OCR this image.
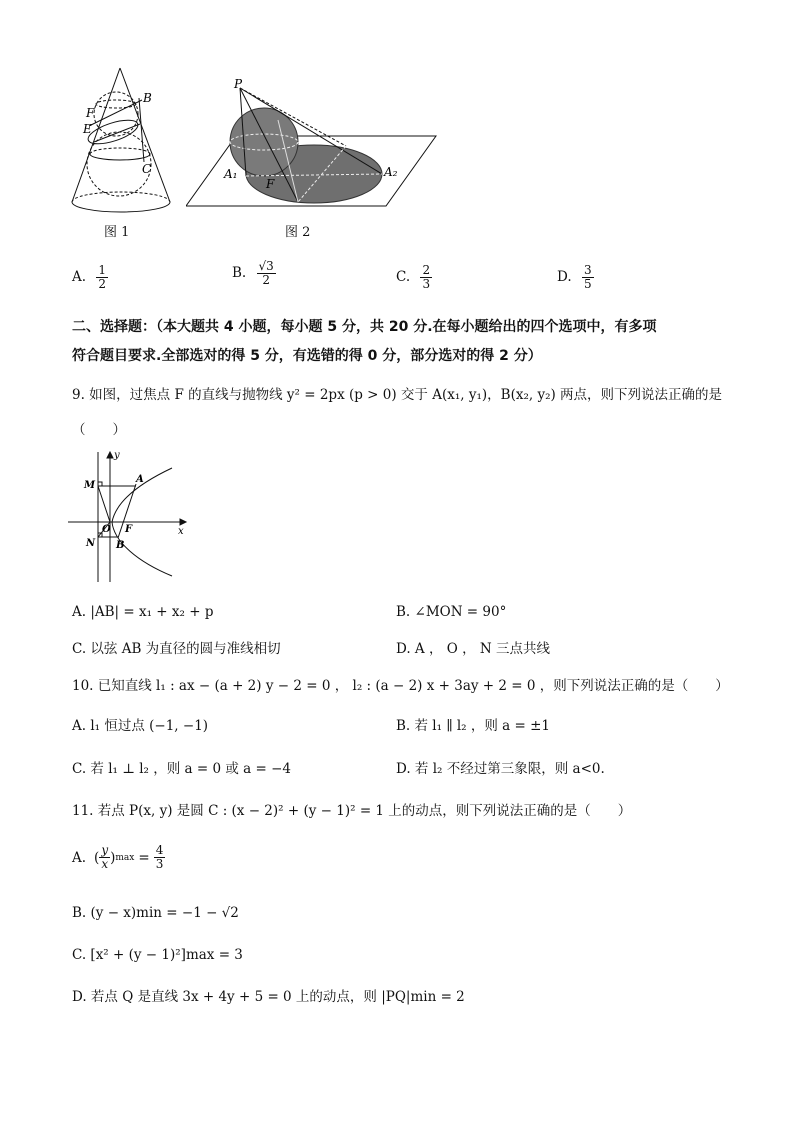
F
B
E
C
图 1
P
A₁
F
A₂
图 2
A. $\frac{1}{2}$	B. $\frac{√3}{2}$	C. $\frac{2}{3}$	D. $\frac{3}{5}$
二、选择题：（本大题共 4 小题，每小题 5 分，共 20 分.在每小题给出的四个选项中，有多项
符合题目要求.全部选对的得 5 分，有选错的得 0 分，部分选对的得 2 分）
9. 如图，过焦点 F 的直线与抛物线 y² = 2px (p > 0) 交于 A(x₁, y₁)，B(x₂, y₂) 两点，则下列说法正确的是
（　　）
y
M
A
O F	x
N B
A. |AB| = x₁ + x₂ + p	B. ∠MON = 90°
C. 以弦 AB 为直径的圆与准线相切	D. A ， O ， N 三点共线
10. 已知直线 l₁ : ax − (a + 2) y − 2 = 0 ， l₂ : (a − 2) x + 3ay + 2 = 0 ，则下列说法正确的是（　　）
A. l₁ 恒过点 (−1, −1)	B. 若 l₁ ∥ l₂ ，则 a = ±1
C. 若 l₁ ⊥ l₂ ，则 a = 0 或 a = −4	D. 若 l₂ 不经过第三象限，则 a<0.
11. 若点 P(x, y) 是圆 C : (x − 2)² + (y − 1)² = 1 上的动点，则下列说法正确的是（　　）
A. ( $\frac{y}{x}$ ) $\max = \frac{4}{3}$
B. (y − x)min = −1 − √2
C. [x² + (y − 1)²]max = 3
D. 若点 Q 是直线 3x + 4y + 5 = 0 上的动点，则 |PQ|min = 2
